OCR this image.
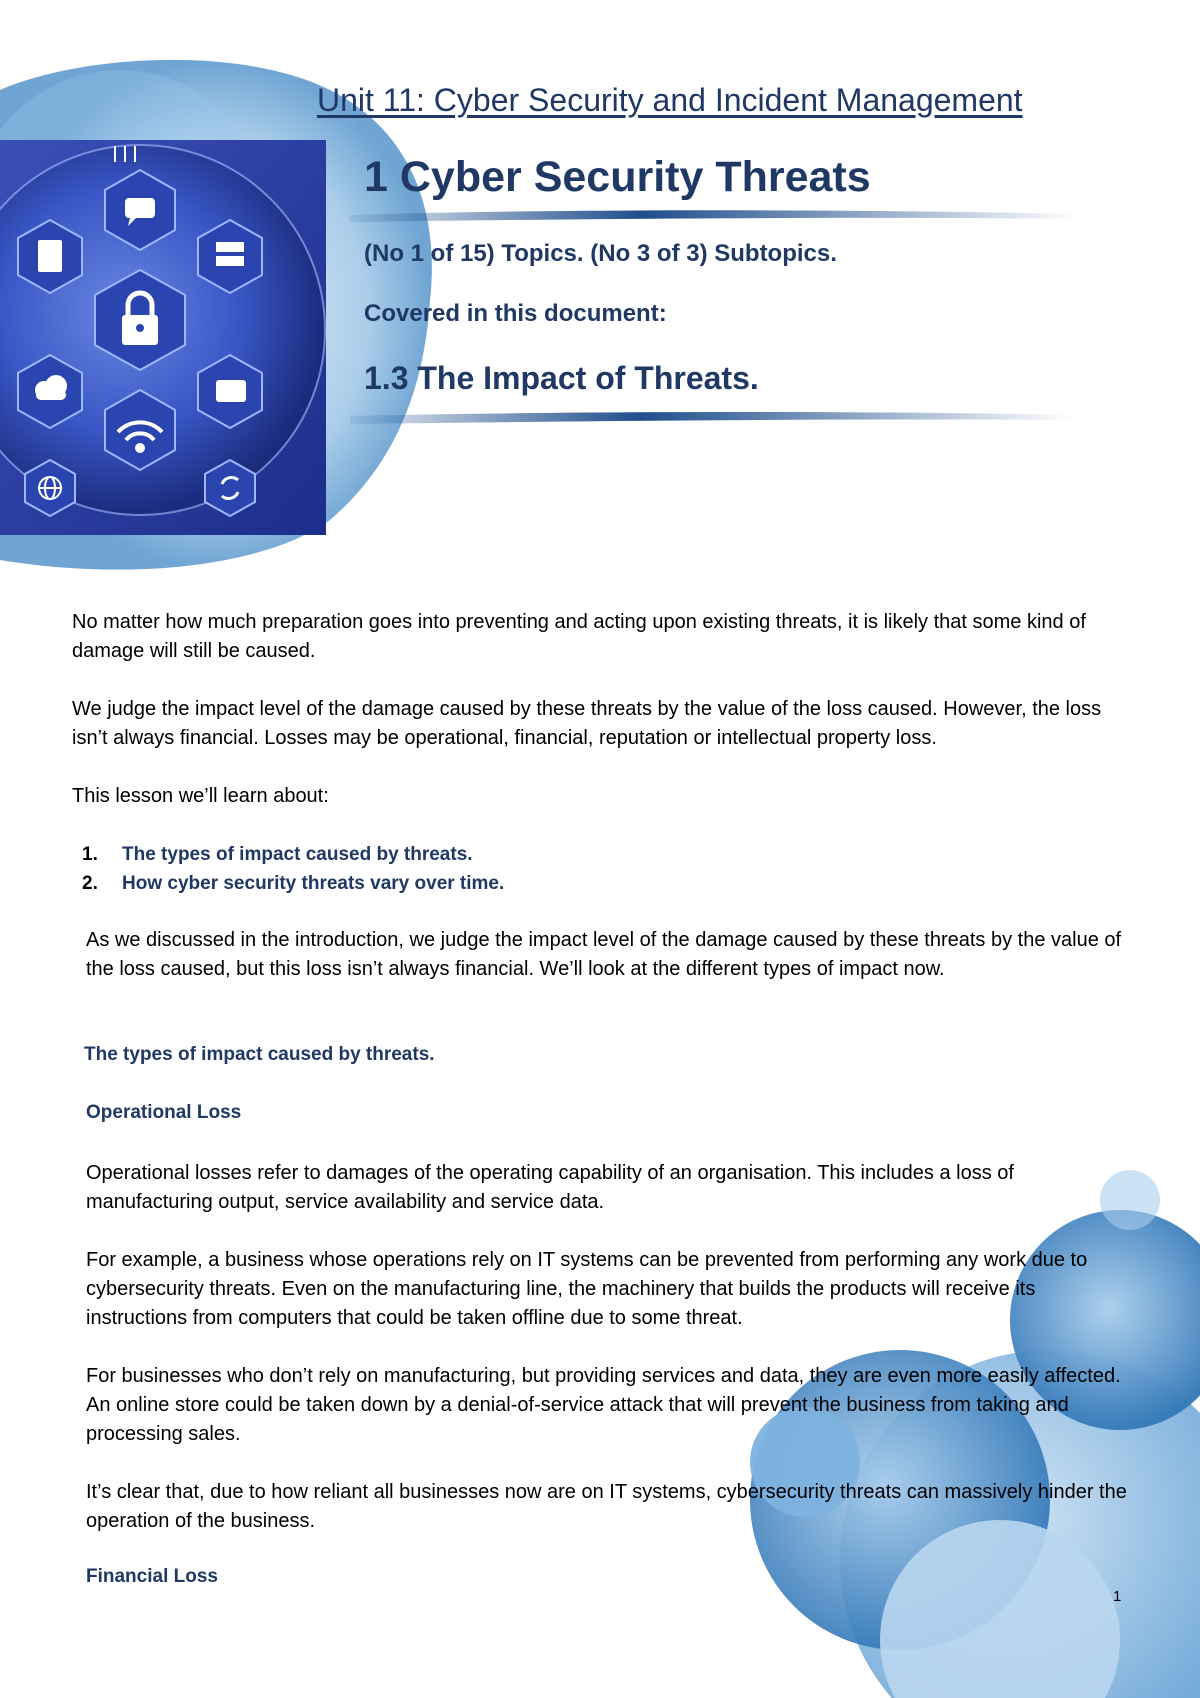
Unit 11: Cyber Security and Incident Management
1 Cyber Security Threats
(No 1 of 15) Topics. (No 3 of 3) Subtopics.
Covered in this document:
1.3 The Impact of Threats.
No matter how much preparation goes into preventing and acting upon existing threats, it is likely that some kind of damage will still be caused.
We judge the impact level of the damage caused by these threats by the value of the loss caused. However, the loss isn’t always financial. Losses may be operational, financial, reputation or intellectual property loss.
This lesson we’ll learn about:
1. The types of impact caused by threats.
2. How cyber security threats vary over time.
As we discussed in the introduction, we judge the impact level of the damage caused by these threats by the value of the loss caused, but this loss isn’t always financial. We’ll look at the different types of impact now.
The types of impact caused by threats.
Operational Loss
Operational losses refer to damages of the operating capability of an organisation. This includes a loss of manufacturing output, service availability and service data.
For example, a business whose operations rely on IT systems can be prevented from performing any work due to cybersecurity threats. Even on the manufacturing line, the machinery that builds the products will receive its instructions from computers that could be taken offline due to some threat.
For businesses who don’t rely on manufacturing, but providing services and data, they are even more easily affected. An online store could be taken down by a denial-of-service attack that will prevent the business from taking and processing sales.
It’s clear that, due to how reliant all businesses now are on IT systems, cybersecurity threats can massively hinder the operation of the business.
Financial Loss
1
